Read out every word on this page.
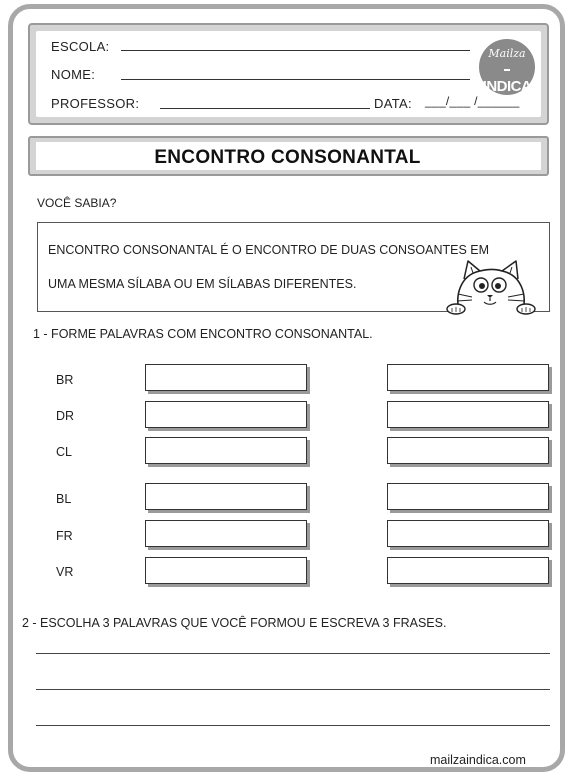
ESCOLA:
NOME:
PROFESSOR:	DATA: ___/___ /______
Mailza
INDICA
ENCONTRO CONSONANTAL
VOCÊ SABIA?
ENCONTRO CONSONANTAL É O ENCONTRO DE DUAS CONSOANTES EM
UMA MESMA SÍLABA OU EM SÍLABAS DIFERENTES.
1 - FORME PALAVRAS COM ENCONTRO CONSONANTAL.
BR
DR
CL
BL
FR
VR
2 - ESCOLHA 3 PALAVRAS QUE VOCÊ FORMOU E ESCREVA 3 FRASES.
mailzaindica.com
